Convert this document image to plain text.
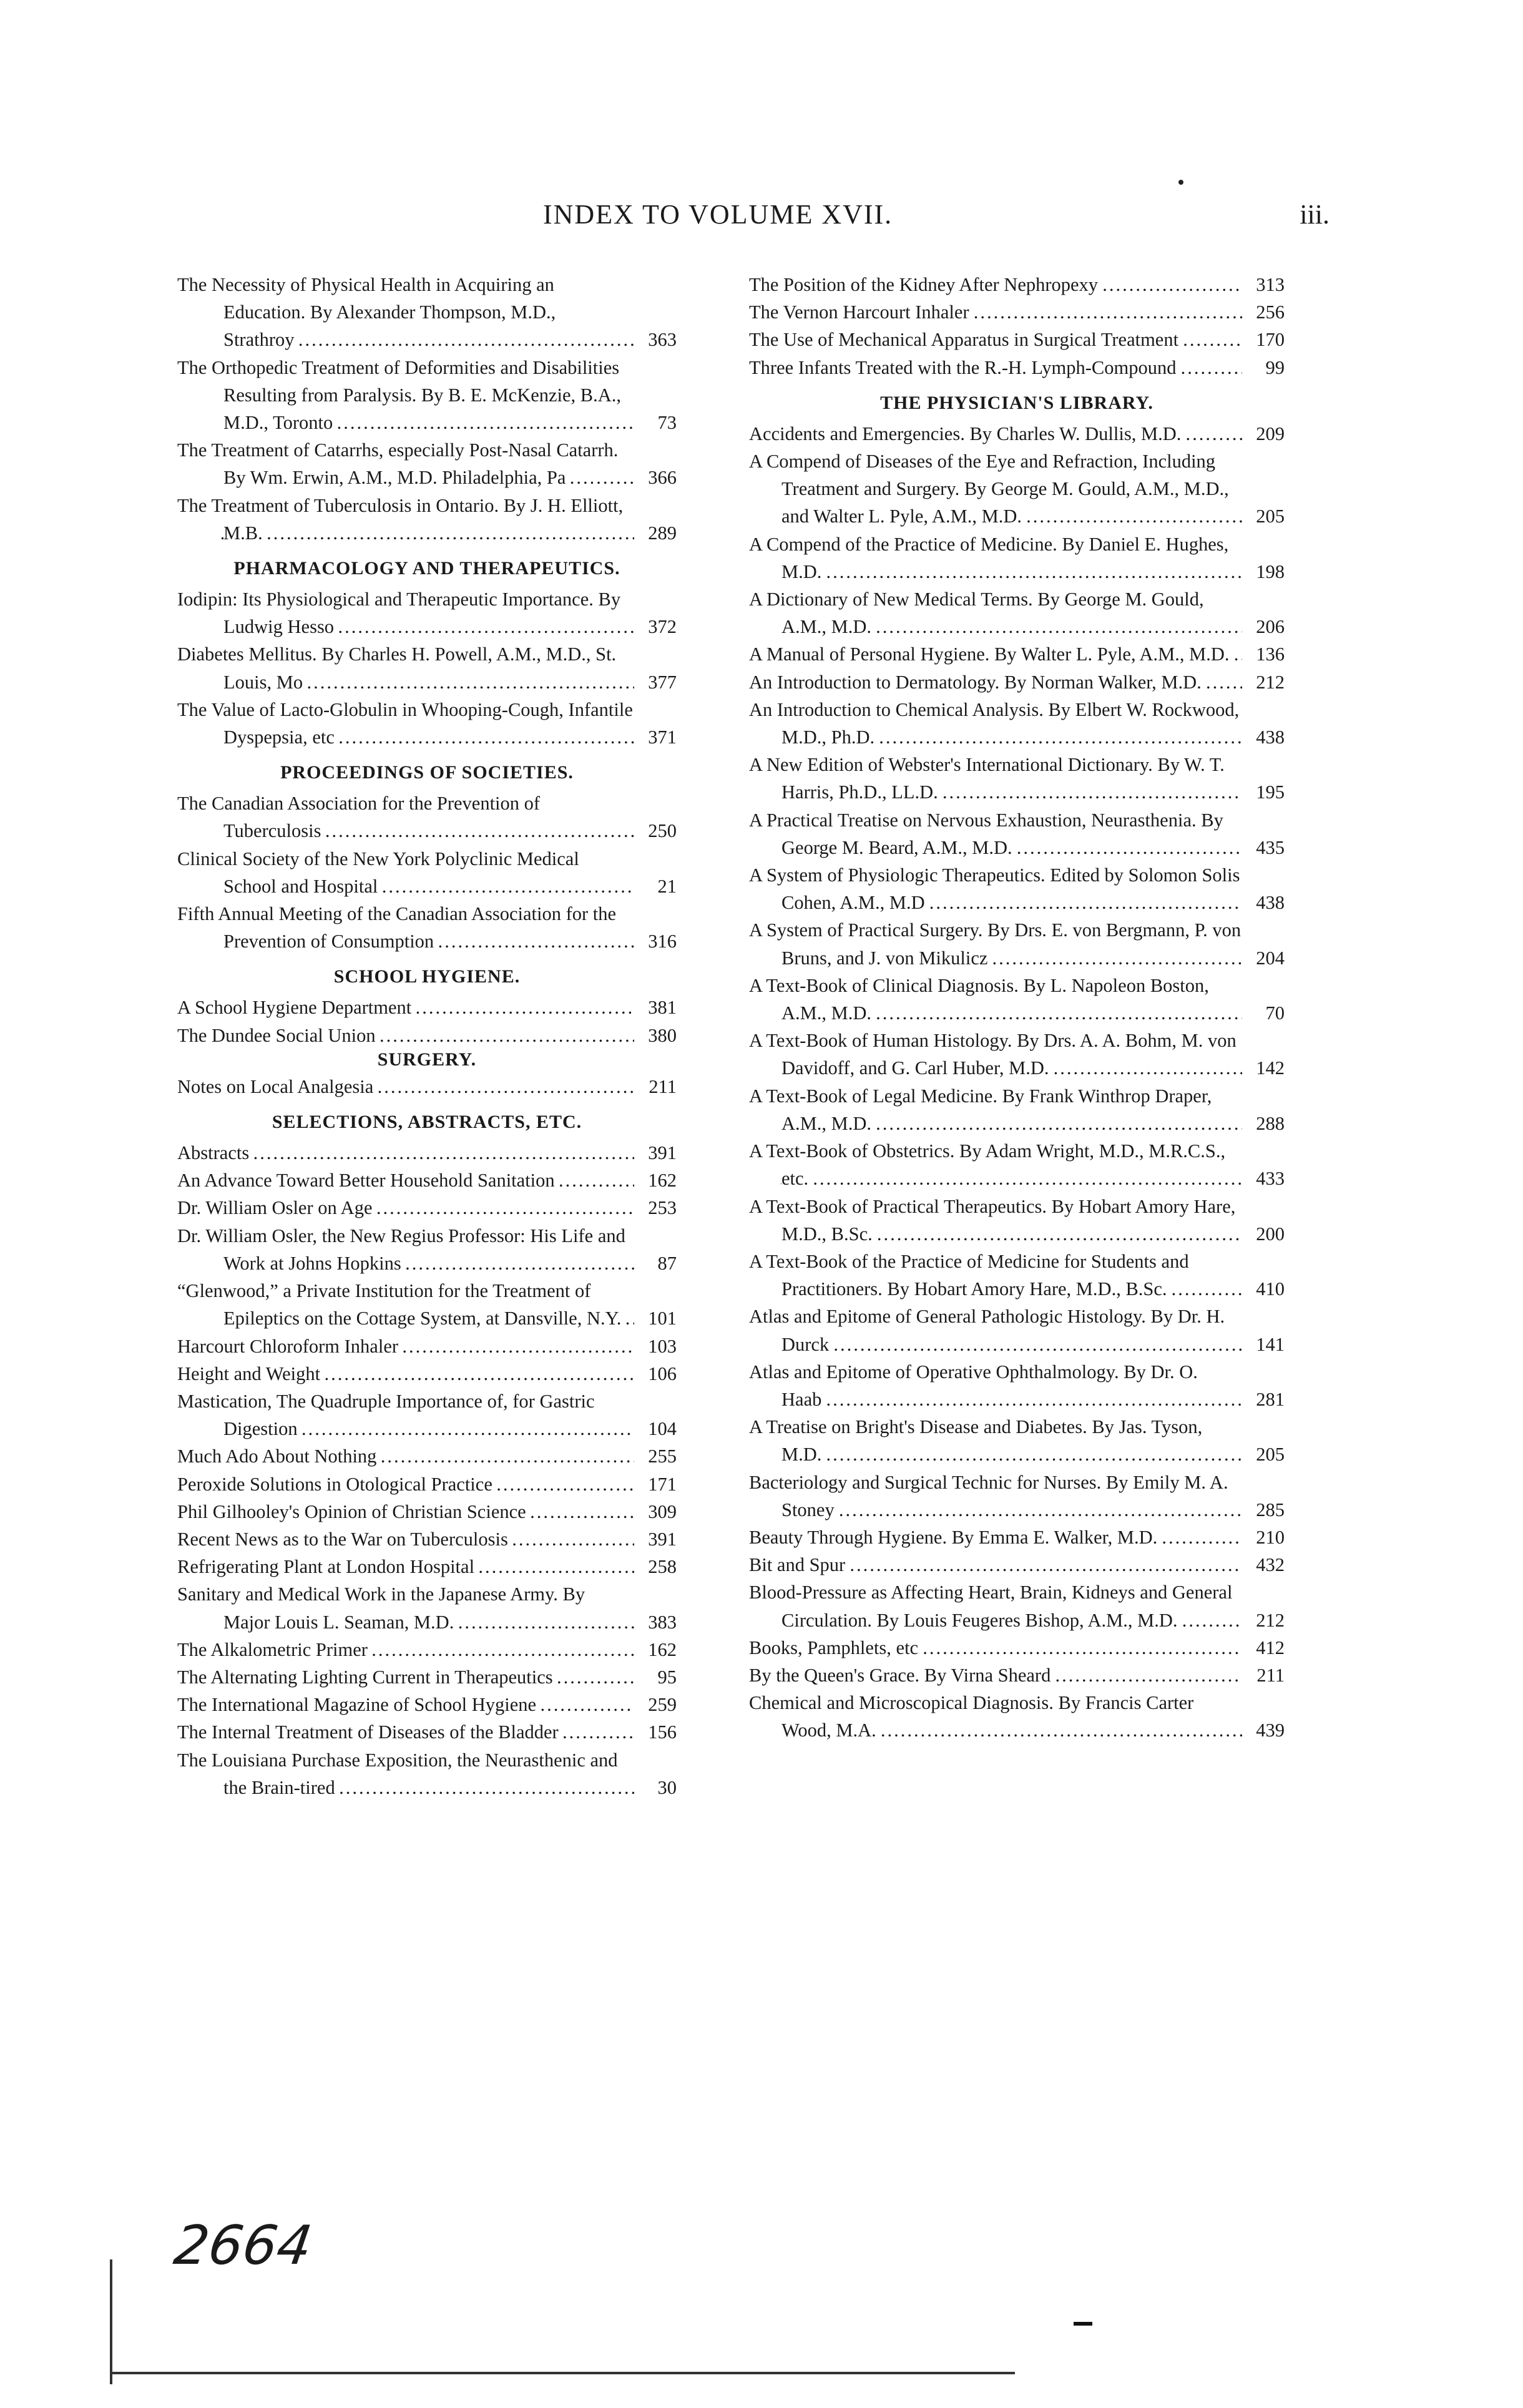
INDEX TO VOLUME XVII.	iii.
The Necessity of Physical Health in Acquiring an Education. By Alexander Thompson, M.D., Strathroy .....	363
The Orthopedic Treatment of Deformities and Disabilities Resulting from Paralysis. By B. E. McKenzie, B.A., M.D., Toronto .....	73
The Treatment of Catarrhs, especially Post-Nasal Catarrh. By Wm. Erwin, A.M., M.D. Philadelphia, Pa .....	366
The Treatment of Tuberculosis in Ontario. By J. H. Elliott, M.B. .....	289
PHARMACOLOGY AND THERAPEUTICS.
Iodipin: Its Physiological and Therapeutic Importance. By Ludwig Hesso .....	372
Diabetes Mellitus. By Charles H. Powell, A.M., M.D., St. Louis, Mo .....	377
The Value of Lacto-Globulin in Whooping-Cough, Infantile Dyspepsia, etc .....	371
PROCEEDINGS OF SOCIETIES.
The Canadian Association for the Prevention of Tuberculosis .....	250
Clinical Society of the New York Polyclinic Medical School and Hospital .....	21
Fifth Annual Meeting of the Canadian Association for the Prevention of Consumption .....	316
SCHOOL HYGIENE.
A School Hygiene Department .....	381
The Dundee Social Union .....	380
SURGERY.
Notes on Local Analgesia .....	211
SELECTIONS, ABSTRACTS, ETC.
Abstracts .....	391
An Advance Toward Better Household Sanitation .....	162
Dr. William Osler on Age .....	253
Dr. William Osler, the New Regius Professor: His Life and Work at Johns Hopkins .....	87
“Glenwood,” a Private Institution for the Treatment of Epileptics on the Cottage System, at Dansville, N.Y. .....	101
Harcourt Chloroform Inhaler .....	103
Height and Weight .....	106
Mastication, The Quadruple Importance of, for Gastric Digestion .....	104
Much Ado About Nothing .....	255
Peroxide Solutions in Otological Practice .....	171
Phil Gilhooley's Opinion of Christian Science .....	309
Recent News as to the War on Tuberculosis .....	391
Refrigerating Plant at London Hospital .....	258
Sanitary and Medical Work in the Japanese Army. By Major Louis L. Seaman, M.D. .....	383
The Alkalometric Primer .....	162
The Alternating Lighting Current in Therapeutics .....	95
The International Magazine of School Hygiene .....	259
The Internal Treatment of Diseases of the Bladder .....	156
The Louisiana Purchase Exposition, the Neurasthenic and the Brain-tired .....	30
The Position of the Kidney After Nephropexy .....	313
The Vernon Harcourt Inhaler .....	256
The Use of Mechanical Apparatus in Surgical Treatment .....	170
Three Infants Treated with the R.-H. Lymph-Compound .....	99
THE PHYSICIAN'S LIBRARY.
Accidents and Emergencies. By Charles W. Dullis, M.D. .....	209
A Compend of Diseases of the Eye and Refraction, Including Treatment and Surgery. By George M. Gould, A.M., M.D., and Walter L. Pyle, A.M., M.D. .....	205
A Compend of the Practice of Medicine. By Daniel E. Hughes, M.D. .....	198
A Dictionary of New Medical Terms. By George M. Gould, A.M., M.D. .....	206
A Manual of Personal Hygiene. By Walter L. Pyle, A.M., M.D. .....	136
An Introduction to Dermatology. By Norman Walker, M.D. .....	212
An Introduction to Chemical Analysis. By Elbert W. Rockwood, M.D., Ph.D. .....	438
A New Edition of Webster's International Dictionary. By W. T. Harris, Ph.D., LL.D. .....	195
A Practical Treatise on Nervous Exhaustion, Neurasthenia. By George M. Beard, A.M., M.D. .....	435
A System of Physiologic Therapeutics. Edited by Solomon Solis Cohen, A.M., M.D .....	438
A System of Practical Surgery. By Drs. E. von Bergmann, P. von Bruns, and J. von Mikulicz .....	204
A Text-Book of Clinical Diagnosis. By L. Napoleon Boston, A.M., M.D. .....	70
A Text-Book of Human Histology. By Drs. A. A. Bohm, M. von Davidoff, and G. Carl Huber, M.D. .....	142
A Text-Book of Legal Medicine. By Frank Winthrop Draper, A.M., M.D. .....	288
A Text-Book of Obstetrics. By Adam Wright, M.D., M.R.C.S., etc. .....	433
A Text-Book of Practical Therapeutics. By Hobart Amory Hare, M.D., B.Sc. .....	200
A Text-Book of the Practice of Medicine for Students and Practitioners. By Hobart Amory Hare, M.D., B.Sc. .....	410
Atlas and Epitome of General Pathologic Histology. By Dr. H. Durck .....	141
Atlas and Epitome of Operative Ophthalmology. By Dr. O. Haab .....	281
A Treatise on Bright's Disease and Diabetes. By Jas. Tyson, M.D. .....	205
Bacteriology and Surgical Technic for Nurses. By Emily M. A. Stoney .....	285
Beauty Through Hygiene. By Emma E. Walker, M.D. .....	210
Bit and Spur .....	432
Blood-Pressure as Affecting Heart, Brain, Kidneys and General Circulation. By Louis Feugeres Bishop, A.M., M.D. .....	212
Books, Pamphlets, etc .....	412
By the Queen's Grace. By Virna Sheard .....	211
Chemical and Microscopical Diagnosis. By Francis Carter Wood, M.A. .....	439
2664
